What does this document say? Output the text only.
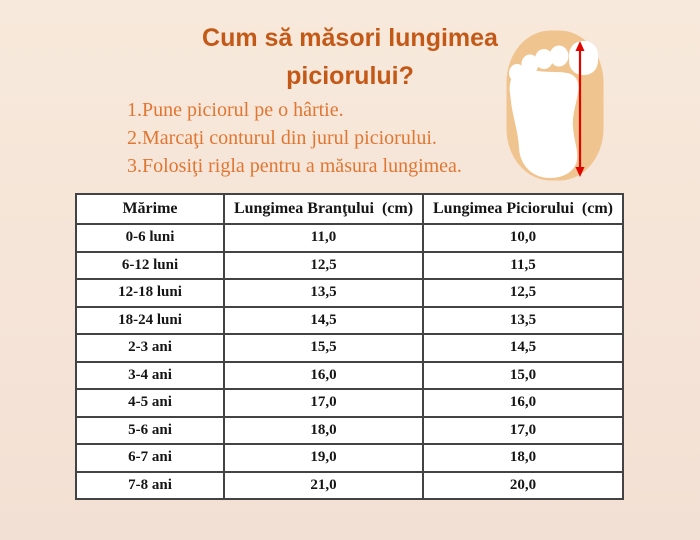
Cum să măsori lungimea
piciorului?
1.Pune piciorul pe o hârtie.
2.Marcaţi conturul din jurul piciorului.
3.Folosiţi rigla pentru a măsura lungimea.
Mărime	Lungimea Branţului  (cm)	Lungimea Piciorului  (cm)
0-6 luni	11,0	10,0
6-12 luni	12,5	11,5
12-18 luni	13,5	12,5
18-24 luni	14,5	13,5
2-3 ani	15,5	14,5
3-4 ani	16,0	15,0
4-5 ani	17,0	16,0
5-6 ani	18,0	17,0
6-7 ani	19,0	18,0
7-8 ani	21,0	20,0
